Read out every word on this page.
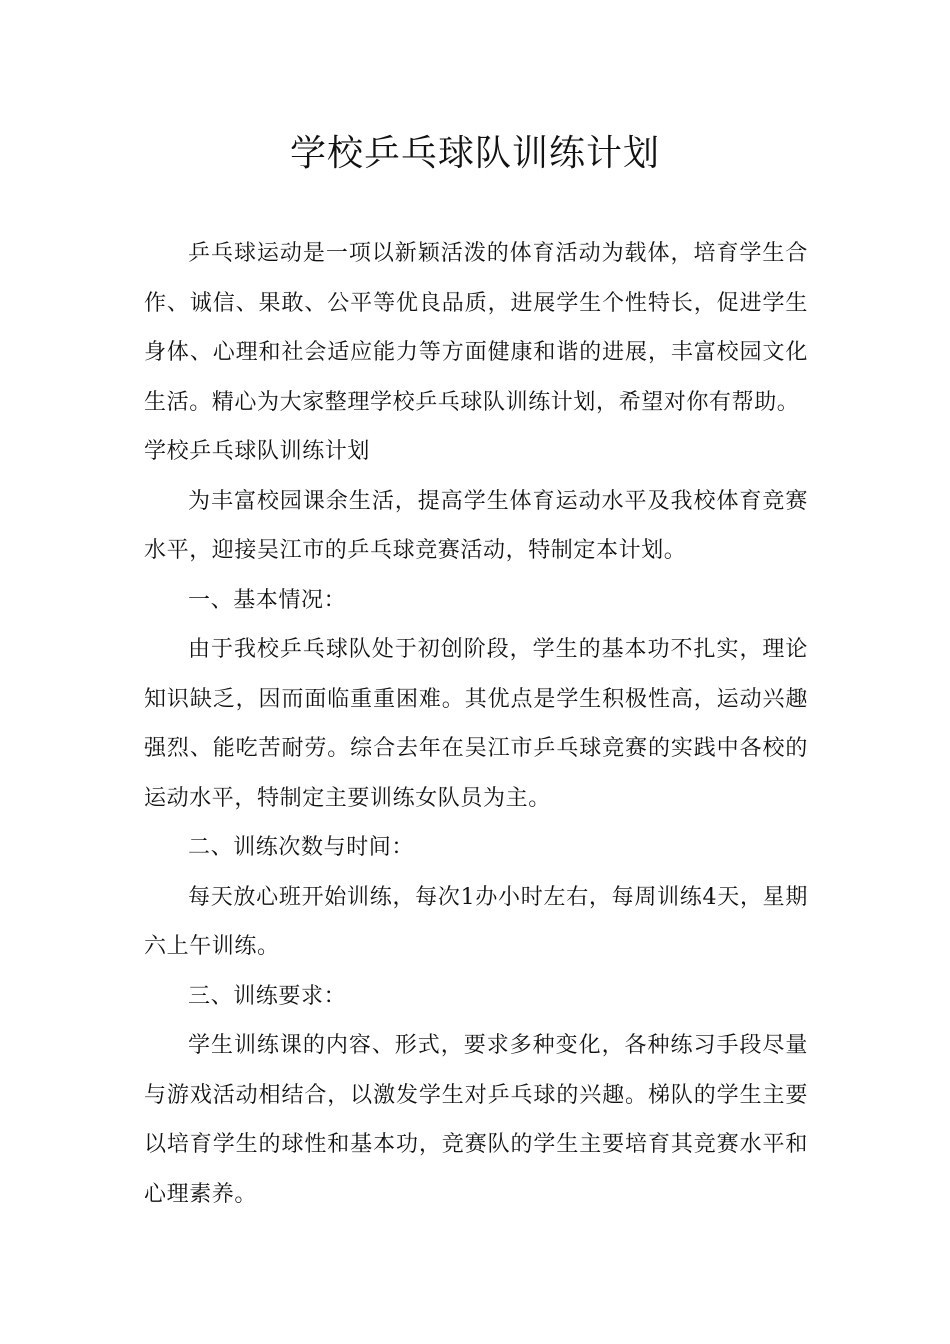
学校乒乓球队训练计划

乒乓球运动是一项以新颖活泼的体育活动为载体，培育学生合作、诚信、果敢、公平等优良品质，进展学生个性特长，促进学生身体、心理和社会适应能力等方面健康和谐的进展，丰富校园文化生活。精心为大家整理学校乒乓球队训练计划，希望对你有帮助。

学校乒乓球队训练计划

为丰富校园课余生活，提高学生体育运动水平及我校体育竞赛水平，迎接吴江市的乒乓球竞赛活动，特制定本计划。

一、基本情况：

由于我校乒乓球队处于初创阶段，学生的基本功不扎实，理论知识缺乏，因而面临重重困难。其优点是学生积极性高，运动兴趣强烈、能吃苦耐劳。综合去年在吴江市乒乓球竞赛的实践中各校的运动水平，特制定主要训练女队员为主。

二、训练次数与时间：

每天放心班开始训练，每次1办小时左右，每周训练4天，星期六上午训练。

三、训练要求：

学生训练课的内容、形式，要求多种变化，各种练习手段尽量与游戏活动相结合，以激发学生对乒乓球的兴趣。梯队的学生主要以培育学生的球性和基本功，竞赛队的学生主要培育其竞赛水平和心理素养。
